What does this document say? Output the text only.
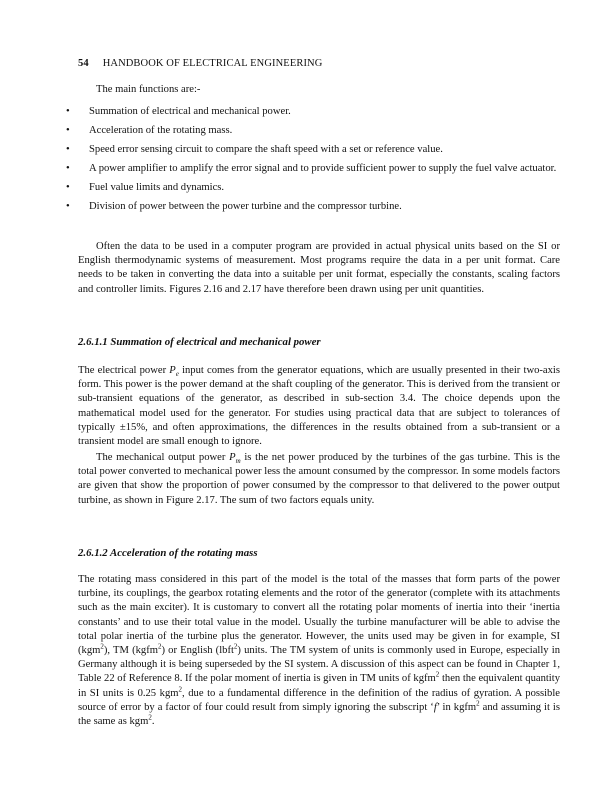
54 HANDBOOK OF ELECTRICAL ENGINEERING
The main functions are:-
• Summation of electrical and mechanical power.
• Acceleration of the rotating mass.
• Speed error sensing circuit to compare the shaft speed with a set or reference value.
• A power amplifier to amplify the error signal and to provide sufficient power to supply the fuel valve actuator.
• Fuel value limits and dynamics.
• Division of power between the power turbine and the compressor turbine.
Often the data to be used in a computer program are provided in actual physical units based on the SI or English thermodynamic systems of measurement. Most programs require the data in a per unit format. Care needs to be taken in converting the data into a suitable per unit format, especially the constants, scaling factors and controller limits. Figures 2.16 and 2.17 have therefore been drawn using per unit quantities.
2.6.1.1 Summation of electrical and mechanical power
The electrical power $P_e$ input comes from the generator equations, which are usually presented in their two-axis form. This power is the power demand at the shaft coupling of the generator. This is derived from the transient or sub-transient equations of the generator, as described in sub-section 3.4. The choice depends upon the mathematical model used for the generator. For studies using practical data that are subject to tolerances of typically ±15%, and often approximations, the differences in the results obtained from a sub-transient or a transient model are small enough to ignore.
The mechanical output power $P_m$ is the net power produced by the turbines of the gas turbine. This is the total power converted to mechanical power less the amount consumed by the compressor. In some models factors are given that show the proportion of power consumed by the compressor to that delivered to the power output turbine, as shown in Figure 2.17. The sum of two factors equals unity.
2.6.1.2 Acceleration of the rotating mass
The rotating mass considered in this part of the model is the total of the masses that form parts of the power turbine, its couplings, the gearbox rotating elements and the rotor of the generator (complete with its attachments such as the main exciter). It is customary to convert all the rotating polar moments of inertia into their ‘inertia constants’ and to use their total value in the model. Usually the turbine manufacturer will be able to advise the total polar inertia of the turbine plus the generator. However, the units used may be given in for example, SI (kgm$^2$), TM (kgfm$^2$) or English (lbft$^2$) units. The TM system of units is commonly used in Europe, especially in Germany although it is being superseded by the SI system. A discussion of this aspect can be found in Chapter 1, Table 22 of Reference 8. If the polar moment of inertia is given in TM units of kgfm$^2$ then the equivalent quantity in SI units is 0.25 kgm$^2$, due to a fundamental difference in the definition of the radius of gyration. A possible source of error by a factor of four could result from simply ignoring the subscript ‘f’ in kgfm$^2$ and assuming it is the same as kgm$^2$.
